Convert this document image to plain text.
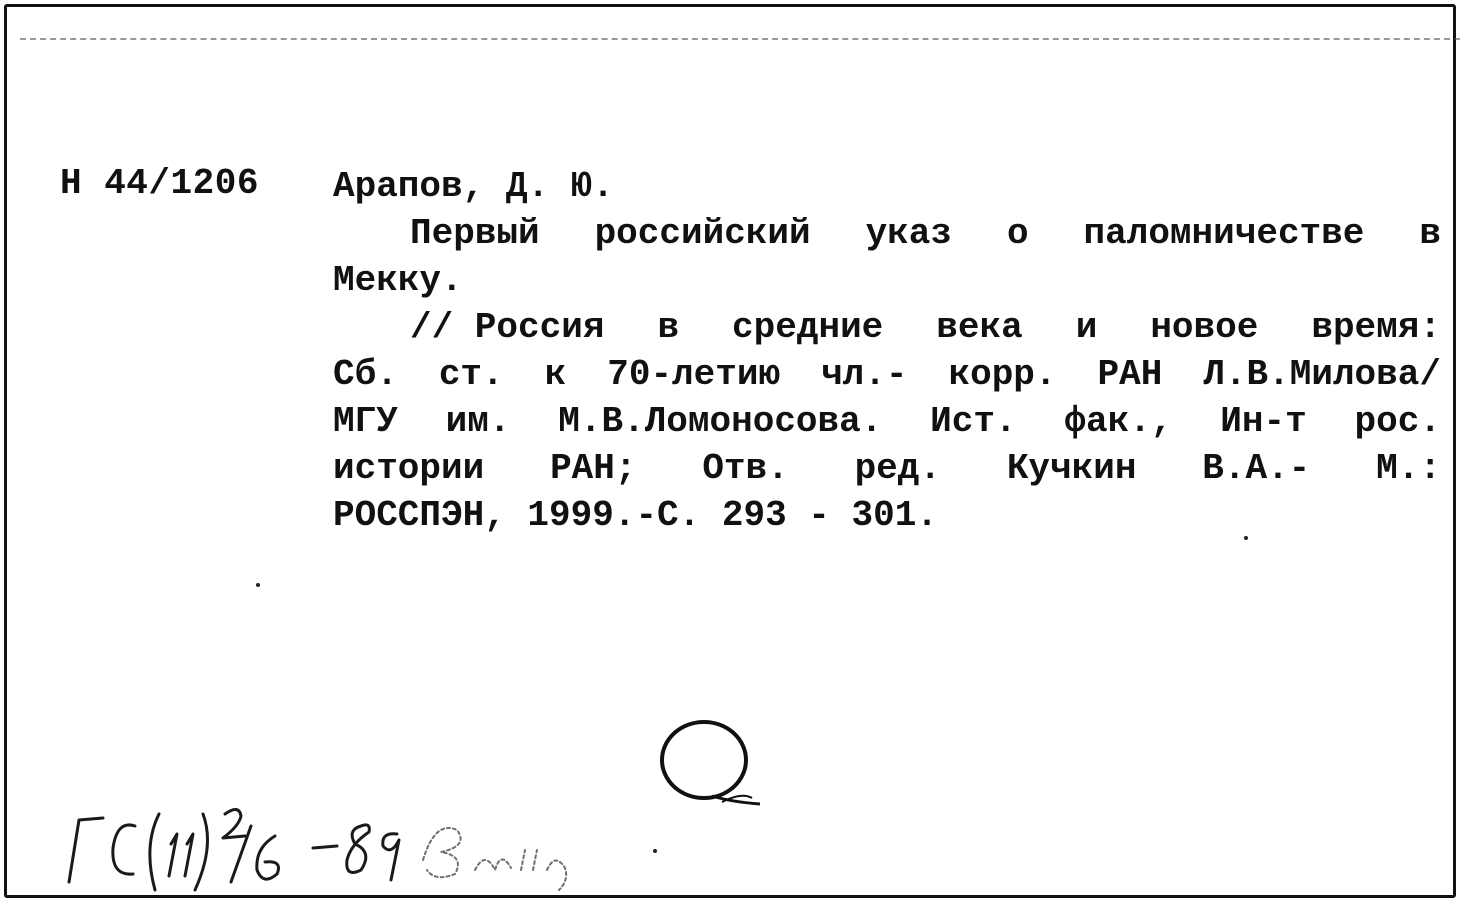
Н 44/1206 Арапов, Д. Ю.
Первый российский указ о паломничестве в
Мекку.
// Россия в средние века и новое время:
Сб. ст. к 70-летию чл.- корр. РАН Л.В.Милова/
МГУ им. М.В.Ломоносова. Ист. фак., Ин-т рос.
истории РАН; Отв. ред. Кучкин В.А.- М.:
РОССПЭН, 1999.-С. 293 - 301.
